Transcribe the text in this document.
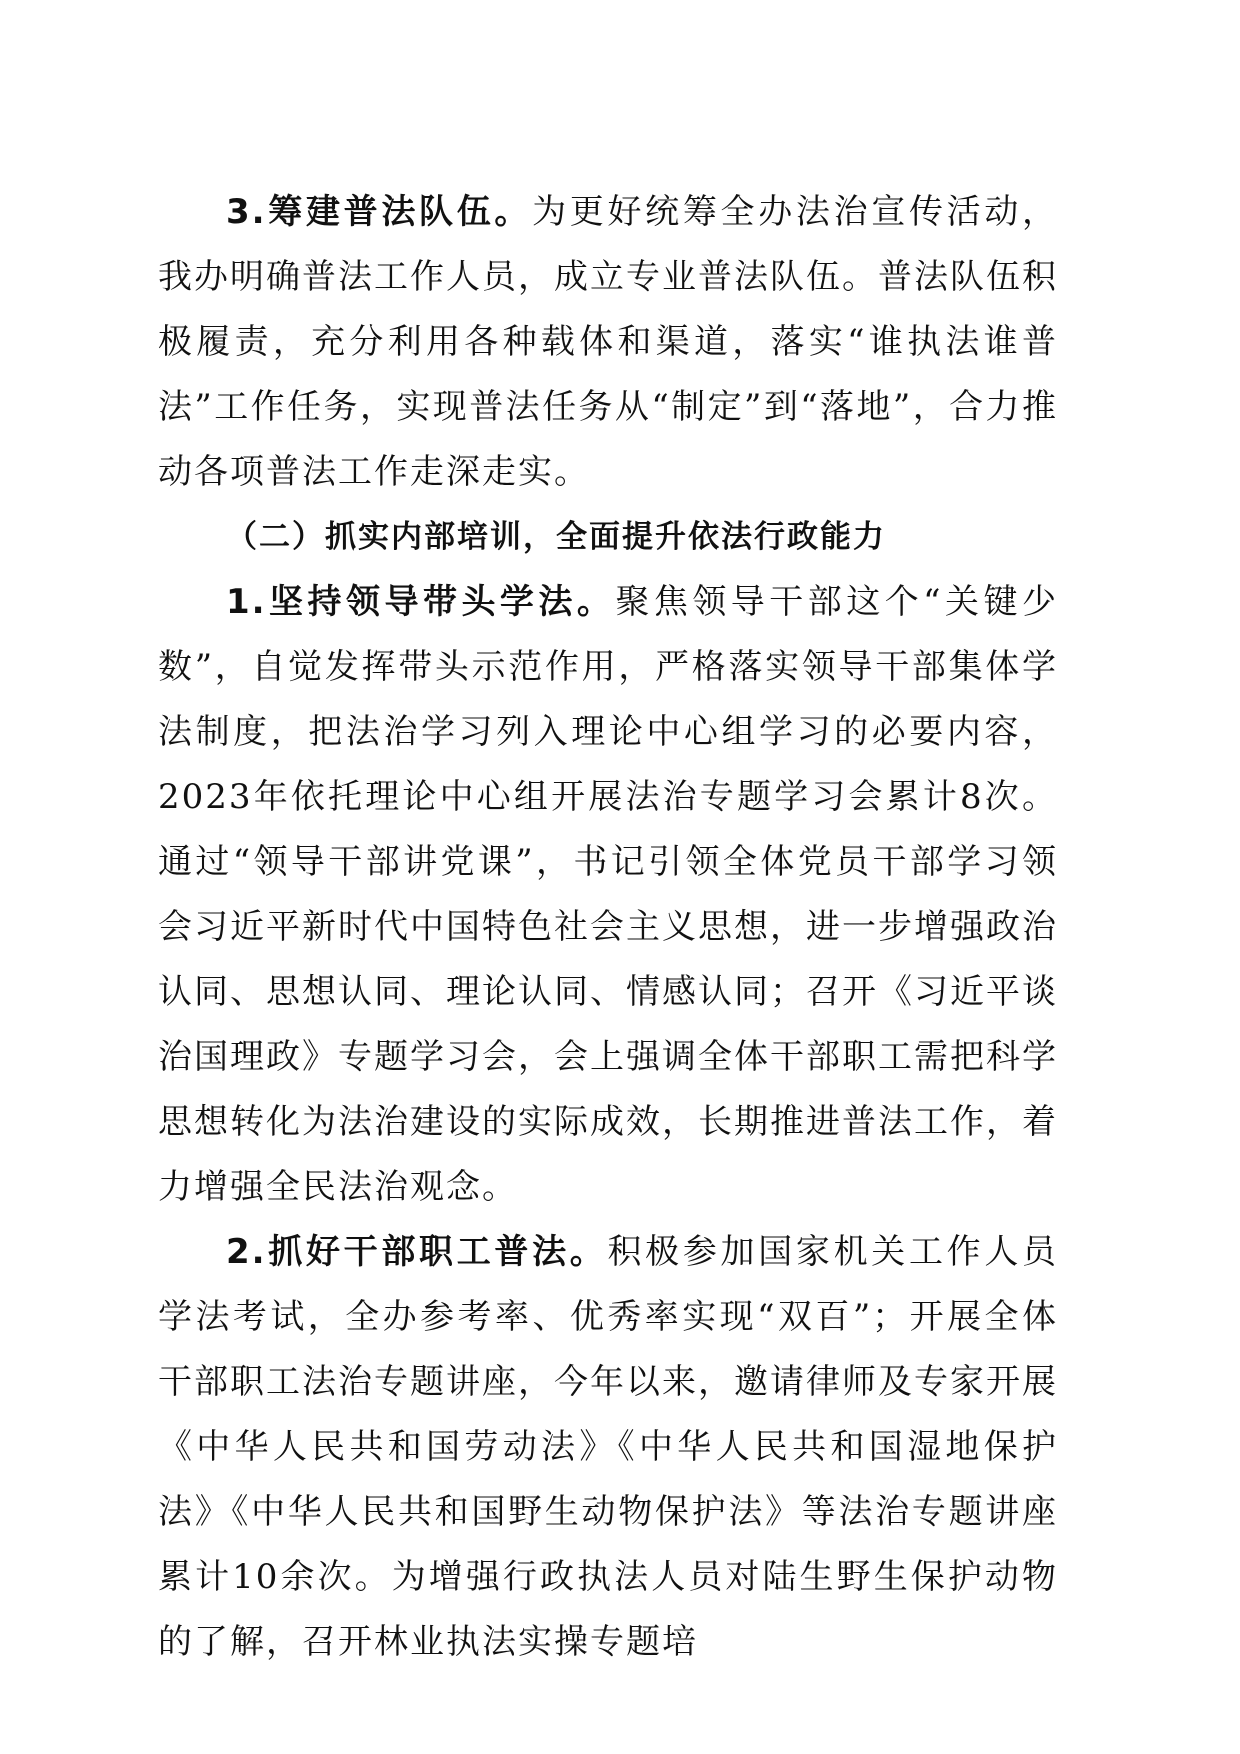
3.筹建普法队伍。为更好统筹全办法治宣传活动，我办明确普法工作人员，成立专业普法队伍。普法队伍积极履责，充分利用各种载体和渠道，落实“谁执法谁普法”工作任务，实现普法任务从“制定”到“落地”，合力推动各项普法工作走深走实。

（二）抓实内部培训，全面提升依法行政能力

1.坚持领导带头学法。聚焦领导干部这个“关键少数”，自觉发挥带头示范作用，严格落实领导干部集体学法制度，把法治学习列入理论中心组学习的必要内容，2023年依托理论中心组开展法治专题学习会累计8次。通过“领导干部讲党课”，书记引领全体党员干部学习领会习近平新时代中国特色社会主义思想，进一步增强政治认同、思想认同、理论认同、情感认同；召开《习近平谈治国理政》专题学习会，会上强调全体干部职工需把科学思想转化为法治建设的实际成效，长期推进普法工作，着力增强全民法治观念。

2.抓好干部职工普法。积极参加国家机关工作人员学法考试，全办参考率、优秀率实现“双百”；开展全体干部职工法治专题讲座，今年以来，邀请律师及专家开展《中华人民共和国劳动法》《中华人民共和国湿地保护法》《中华人民共和国野生动物保护法》等法治专题讲座累计10余次。为增强行政执法人员对陆生野生保护动物的了解，召开林业执法实操专题培
